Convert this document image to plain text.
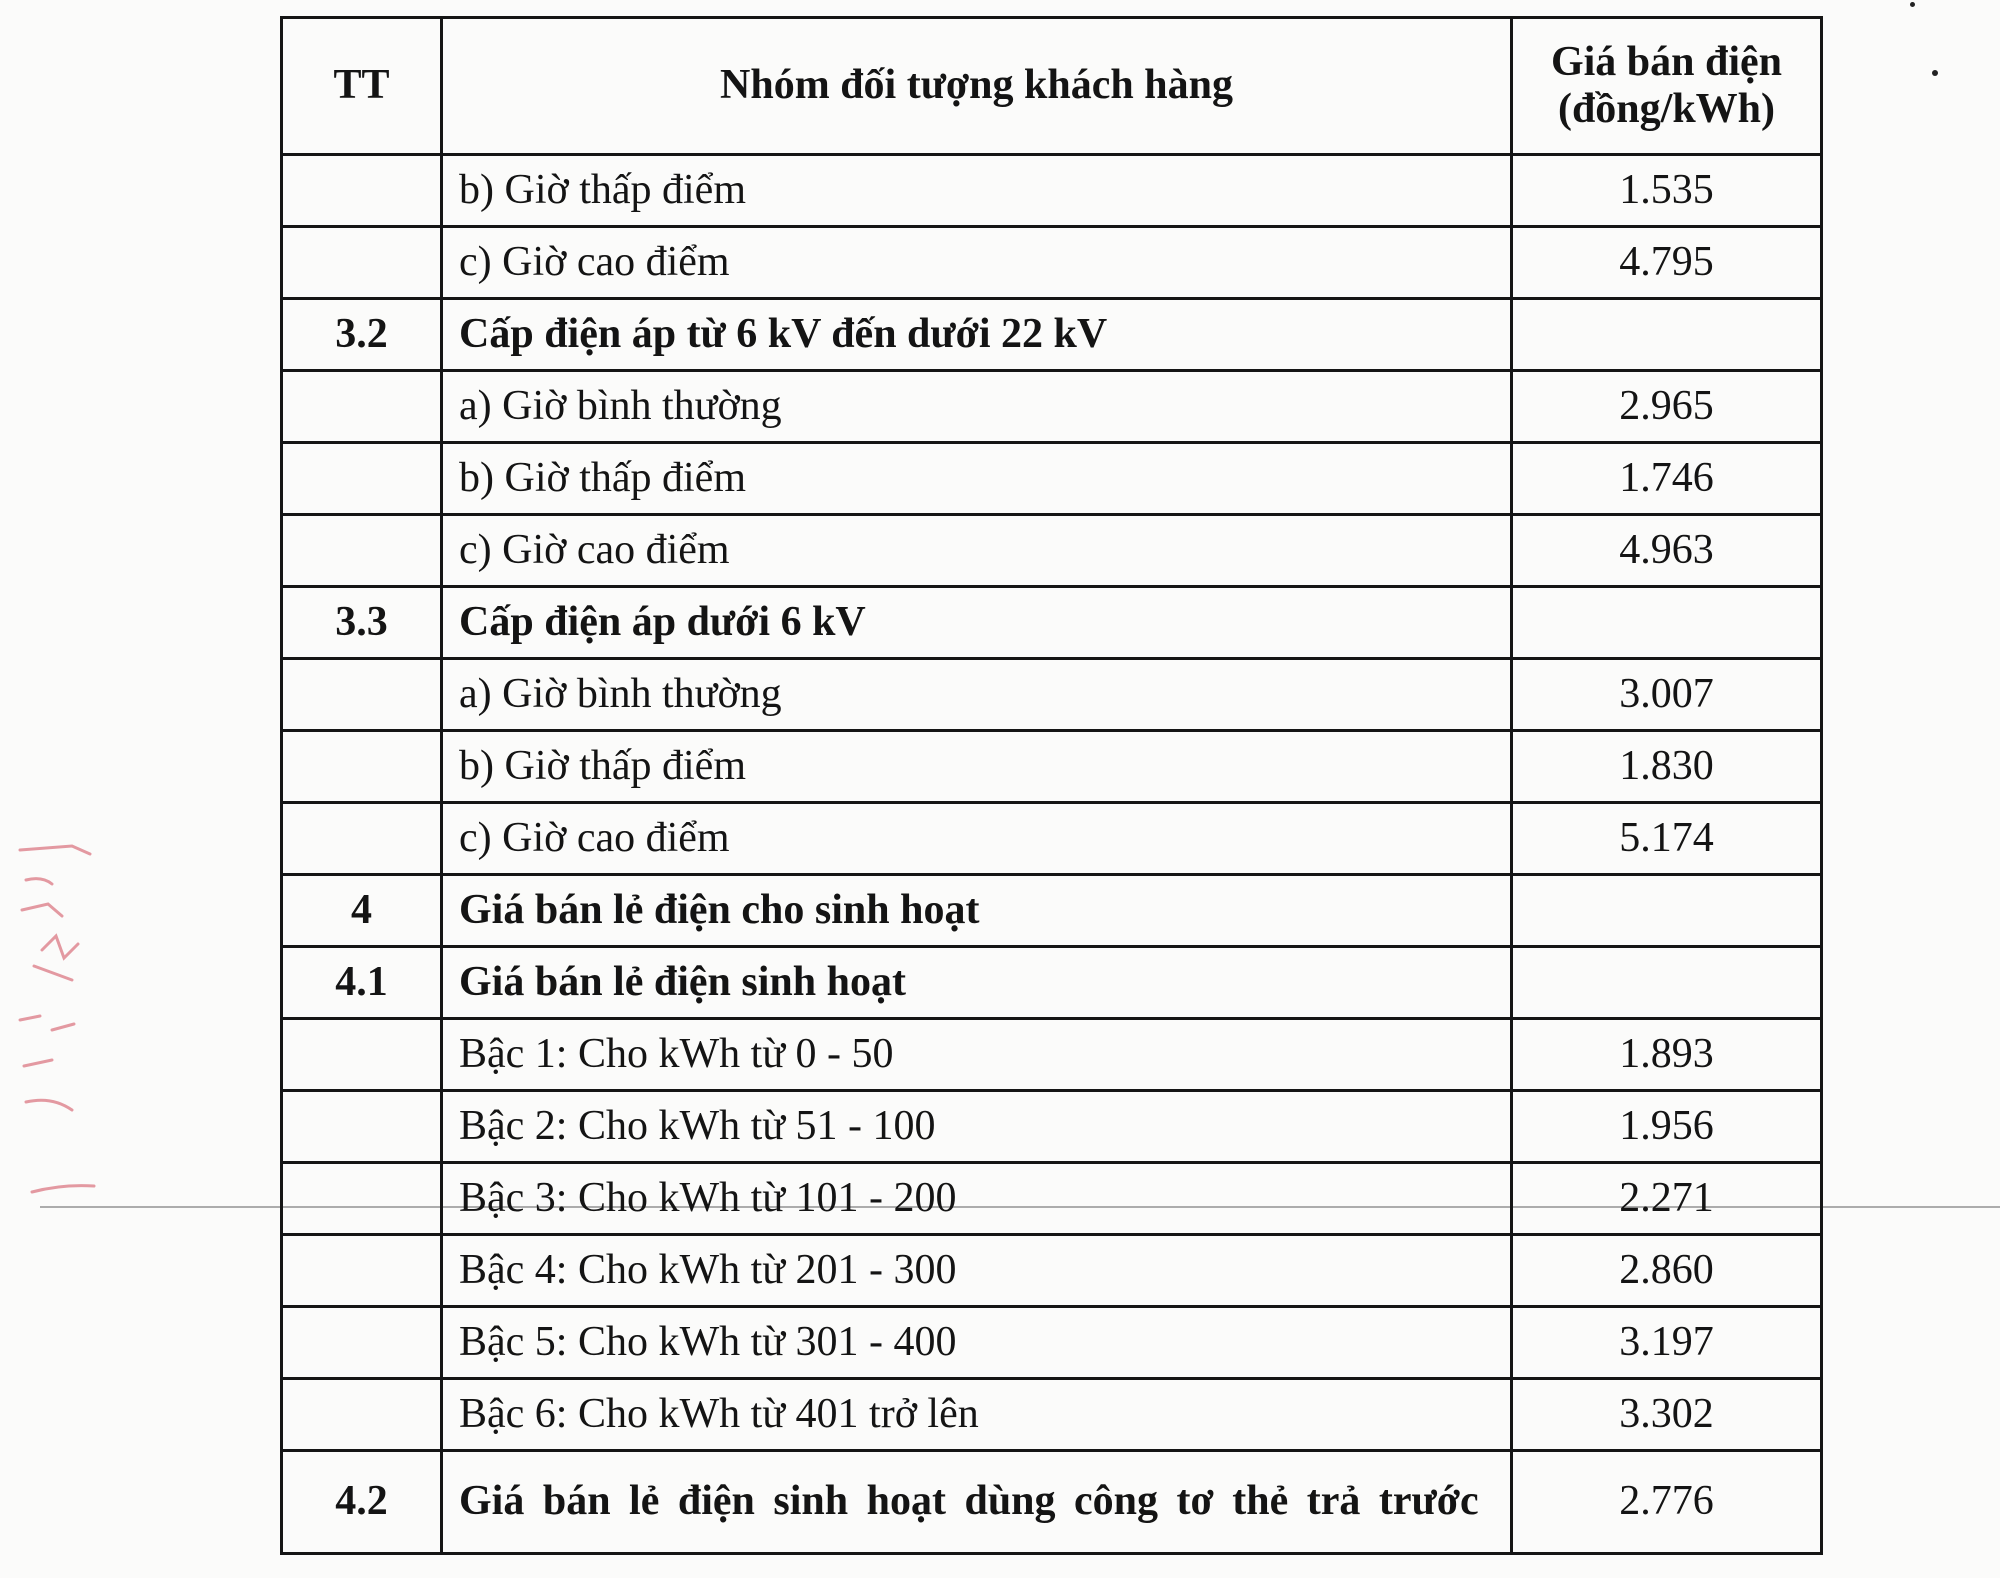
TT	Nhóm đối tượng khách hàng	Giá bán điện
(đồng/kWh)
	b) Giờ thấp điểm	1.535
	c) Giờ cao điểm	4.795
3.2	Cấp điện áp từ 6 kV đến dưới 22 kV	
	a) Giờ bình thường	2.965
	b) Giờ thấp điểm	1.746
	c) Giờ cao điểm	4.963
3.3	Cấp điện áp dưới 6 kV	
	a) Giờ bình thường	3.007
	b) Giờ thấp điểm	1.830
	c) Giờ cao điểm	5.174
4	Giá bán lẻ điện cho sinh hoạt	
4.1	Giá bán lẻ điện sinh hoạt	
	Bậc 1: Cho kWh từ 0 - 50	1.893
	Bậc 2: Cho kWh từ 51 - 100	1.956
	Bậc 3: Cho kWh từ 101 - 200	2.271
	Bậc 4: Cho kWh từ 201 - 300	2.860
	Bậc 5: Cho kWh từ 301 - 400	3.197
	Bậc 6: Cho kWh từ 401 trở lên	3.302
4.2	Giá bán lẻ điện sinh hoạt dùng công tơ thẻ trả trước	2.776
